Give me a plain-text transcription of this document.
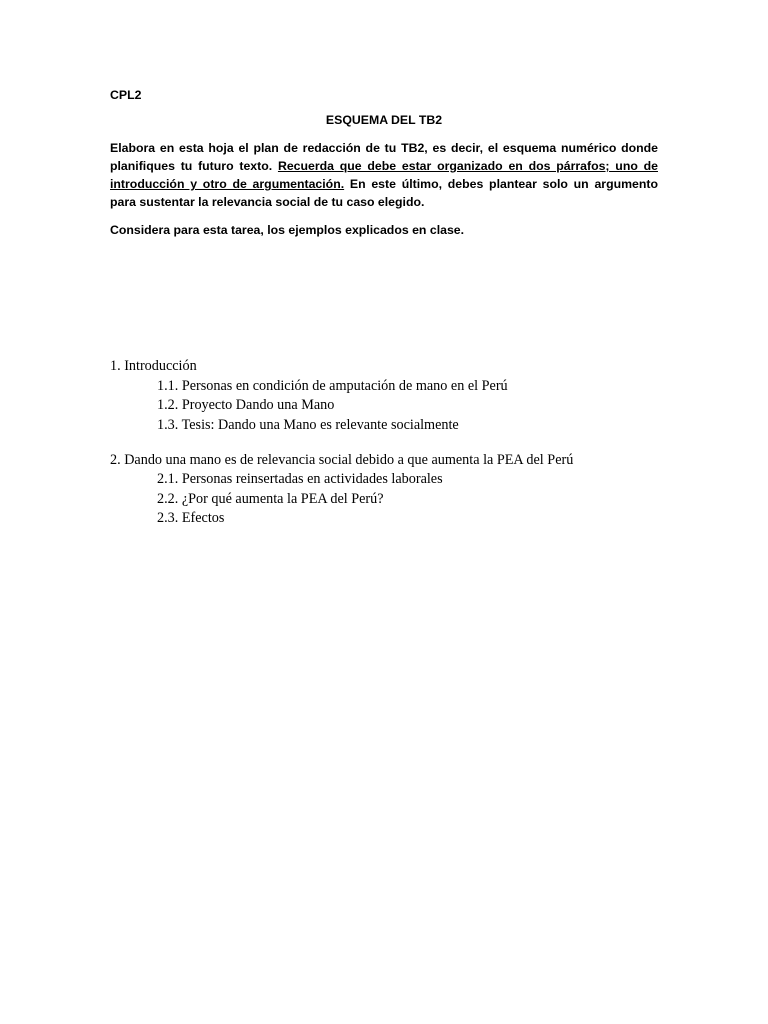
CPL2
ESQUEMA DEL TB2

Elabora en esta hoja el plan de redacción de tu TB2, es decir, el esquema numérico donde planifiques tu futuro texto. Recuerda que debe estar organizado en dos párrafos; uno de introducción y otro de argumentación. En este último, debes plantear solo un argumento para sustentar la relevancia social de tu caso elegido.

Considera para esta tarea, los ejemplos explicados en clase.

1. Introducción
1.1. Personas en condición de amputación de mano en el Perú
1.2. Proyecto Dando una Mano
1.3. Tesis: Dando una Mano es relevante socialmente
2. Dando una mano es de relevancia social debido a que aumenta la PEA del Perú
2.1. Personas reinsertadas en actividades laborales
2.2. ¿Por qué aumenta la PEA del Perú?
2.3. Efectos
